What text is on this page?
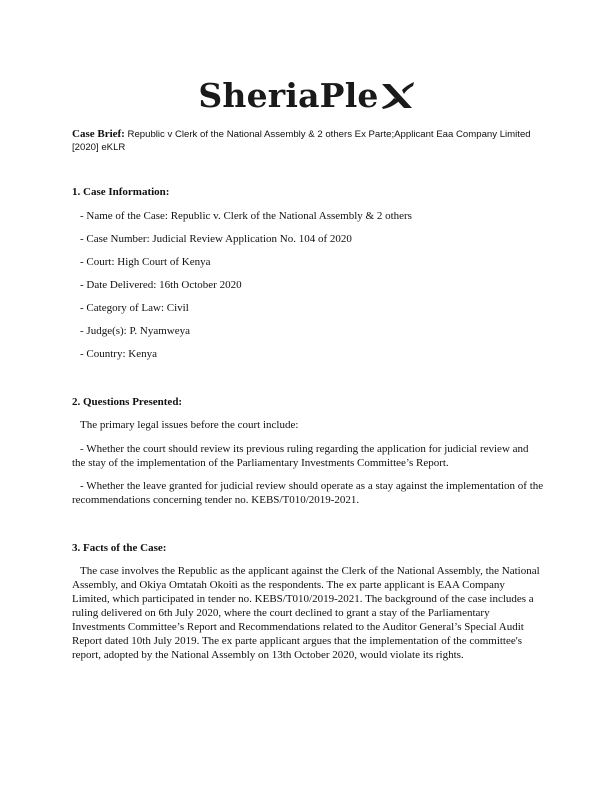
SheriaPle
Case Brief: Republic v Clerk of the National Assembly & 2 others Ex Parte;Applicant Eaa Company Limited [2020] eKLR
1. Case Information:
- Name of the Case: Republic v. Clerk of the National Assembly & 2 others
- Case Number: Judicial Review Application No. 104 of 2020
- Court: High Court of Kenya
- Date Delivered: 16th October 2020
- Category of Law: Civil
- Judge(s): P. Nyamweya
- Country: Kenya
2. Questions Presented:
The primary legal issues before the court include:
- Whether the court should review its previous ruling regarding the application for judicial review and the stay of the implementation of the Parliamentary Investments Committee’s Report.
- Whether the leave granted for judicial review should operate as a stay against the implementation of the recommendations concerning tender no. KEBS/T010/2019-2021.
3. Facts of the Case:
The case involves the Republic as the applicant against the Clerk of the National Assembly, the National Assembly, and Okiya Omtatah Okoiti as the respondents. The ex parte applicant is EAA Company Limited, which participated in tender no. KEBS/T010/2019-2021. The background of the case includes a ruling delivered on 6th July 2020, where the court declined to grant a stay of the Parliamentary Investments Committee’s Report and Recommendations related to the Auditor General’s Special Audit Report dated 10th July 2019. The ex parte applicant argues that the implementation of the committee's report, adopted by the National Assembly on 13th October 2020, would violate its rights.
